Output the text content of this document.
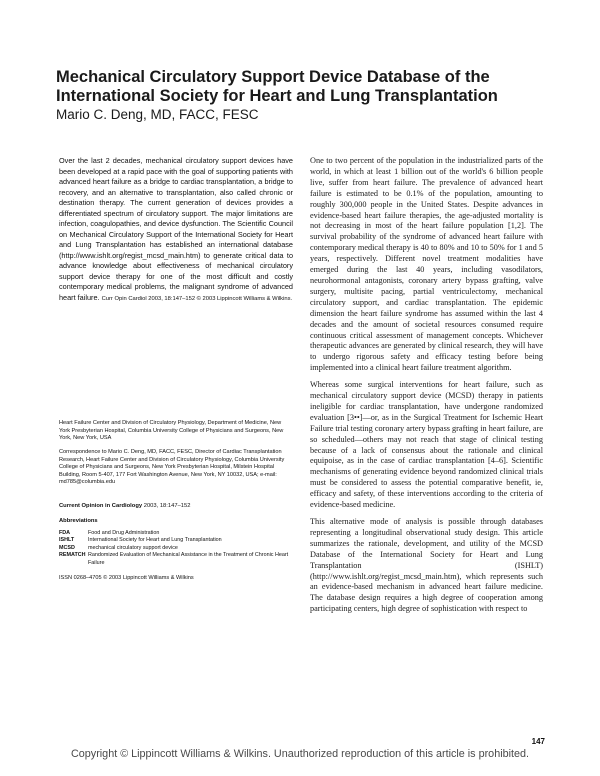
Mechanical Circulatory Support Device Database of the International Society for Heart and Lung Transplantation
Mario C. Deng, MD, FACC, FESC
Over the last 2 decades, mechanical circulatory support devices have been developed at a rapid pace with the goal of supporting patients with advanced heart failure as a bridge to cardiac transplantation, a bridge to recovery, and an alternative to transplantation, also called chronic or destination therapy. The current generation of devices provides a differentiated spectrum of circulatory support. The major limitations are infection, coagulopathies, and device dysfunction. The Scientific Council on Mechanical Circulatory Support of the International Society for Heart and Lung Transplantation has established an international database (http://www.ishlt.org/regist_mcsd_main.htm) to generate critical data to advance knowledge about effectiveness of mechanical circulatory support device therapy for one of the most difficult and costly contemporary medical problems, the malignant syndrome of advanced heart failure. Curr Opin Cardiol 2003, 18:147–152 © 2003 Lippincott Williams & Wilkins.
Heart Failure Center and Division of Circulatory Physiology, Department of Medicine, New York Presbyterian Hospital, Columbia University College of Physicians and Surgeons, New York, New York, USA
Correspondence to Mario C. Deng, MD, FACC, FESC, Director of Cardiac Transplantation Research, Heart Failure Center and Division of Circulatory Physiology, Columbia University College of Physicians and Surgeons, New York Presbyterian Hospital, Milstein Hospital Building, Room 5-407, 177 Fort Washington Avenue, New York, NY 10032, USA; e-mail: md785@columbia.edu
Current Opinion in Cardiology 2003, 18:147–152
Abbreviations
FDA	Food and Drug Administration
ISHLT	International Society for Heart and Lung Transplantation
MCSD	mechanical circulatory support device
REMATCH Randomized Evaluation of Mechanical Assistance in the Treatment of Chronic Heart Failure
ISSN 0268–4705 © 2003 Lippincott Williams & Wilkins

One to two percent of the population in the industrialized parts of the world, in which at least 1 billion out of the world's 6 billion people live, suffer from heart failure. The prevalence of advanced heart failure is estimated to be 0.1% of the population, amounting to roughly 300,000 people in the United States. Despite advances in evidence-based heart failure therapies, the age-adjusted mortality is not decreasing in most of the heart failure population [1,2]. The survival probability of the syndrome of advanced heart failure with contemporary medical therapy is 40 to 80% and 10 to 50% for 1 and 5 years, respectively. Different novel treatment modalities have emerged during the last 40 years, including vasodilators, neurohormonal antagonists, coronary artery bypass grafting, valve surgery, multisite pacing, partial ventriculectomy, mechanical circulatory support, and cardiac transplantation. The epidemic dimension the heart failure syndrome has assumed within the last 4 decades and the amount of societal resources consumed require continuous critical assessment of management concepts. Whichever therapeutic advances are generated by clinical research, they will have to undergo rigorous safety and efficacy testing before being implemented into a clinical heart failure treatment algorithm.

Whereas some surgical interventions for heart failure, such as mechanical circulatory support device (MCSD) therapy in patients ineligible for cardiac transplantation, have undergone randomized evaluation [3••]—or, as in the Surgical Treatment for Ischemic Heart Failure trial testing coronary artery bypass grafting in heart failure, are so scheduled—others may not reach that stage of clinical testing because of a lack of consensus about the rationale and clinical equipoise, as in the case of cardiac transplantation [4–6]. Scientific mechanisms of generating evidence beyond randomized clinical trials must be considered to assess the potential comparative benefit, ie, efficacy and safety, of these interventions according to the criteria of evidence-based medicine.

This alternative mode of analysis is possible through databases representing a longitudinal observational study design. This article summarizes the rationale, development, and utility of the MCSD Database of the International Society for Heart and Lung Transplantation (ISHLT) (http://www.ishlt.org/regist_mcsd_main.htm), which represents such an evidence-based mechanism in advanced heart failure medicine. The database design requires a high degree of cooperation among participating centers, high degree of sophistication with respect to

147
Copyright © Lippincott Williams & Wilkins. Unauthorized reproduction of this article is prohibited.
